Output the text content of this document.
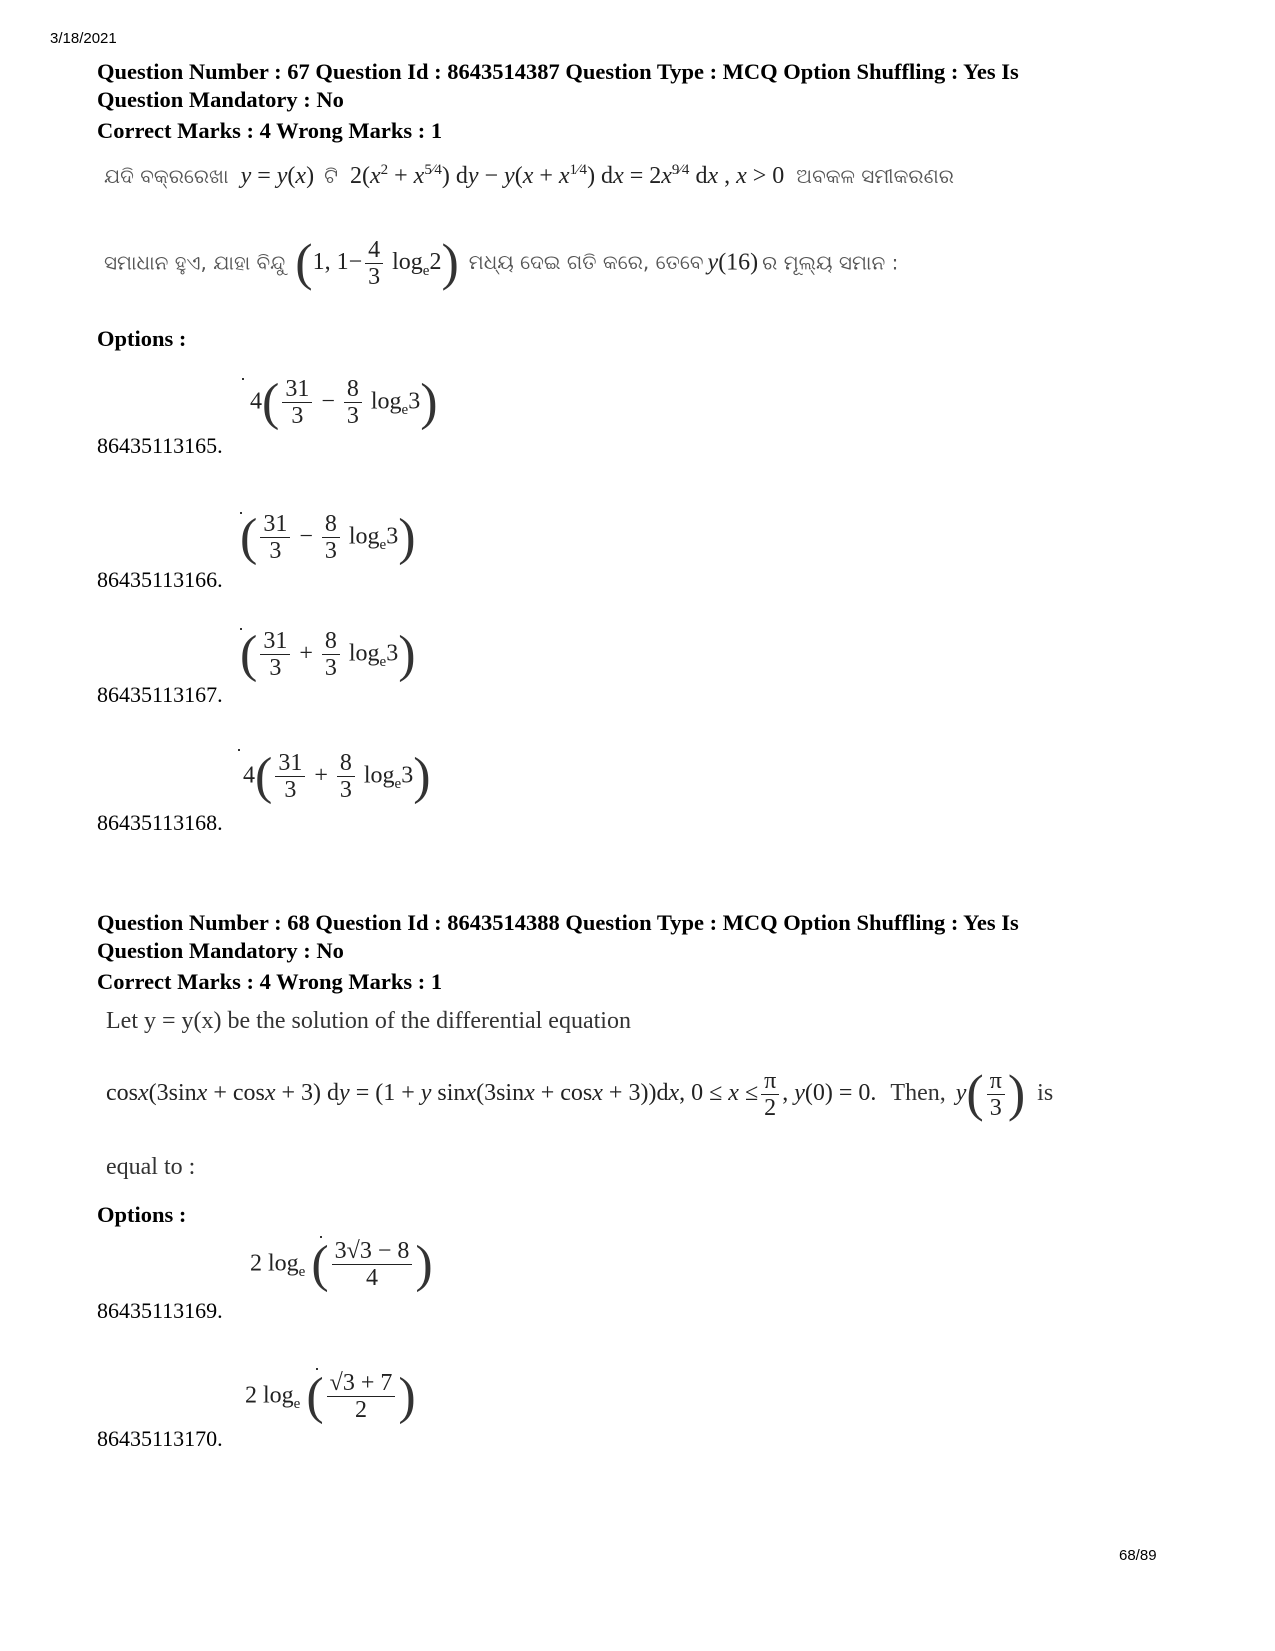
3/18/2021
68/89
Question Number : 67 Question Id : 8643514387 Question Type : MCQ Option Shuffling : Yes Is
Question Mandatory : No
Correct Marks : 4 Wrong Marks : 1
ଯଦି ବକ୍ରରେଖା y = y(x) ଟି $2(x^2 + x^{5⁄4})$ dy − $y(x + x^{1⁄4})$ dx = $2x^{9⁄4}$ dx , x > 0 ଅବକଳ ସମୀକରଣର
ସମାଧାନ ହୁଏ, ଯାହା ବିନ୍ଦୁ (1, $1- \frac{4}{3} \log_e2$) ମଧ୍ୟ ଦେଇ ଗତି କରେ, ତେବେ y(16) ର ମୂଲ୍ୟ ସମାନ :
Options :
86435113165.
$4( \frac{31}{3} - \frac{8}{3} \log_e3)$
86435113166.
( $\frac{31}{3} - \frac{8}{3} \log_e3$)
86435113167.
( $\frac{31}{3} + \frac{8}{3} \log_e3$)
86435113168.
$4( \frac{31}{3} + \frac{8}{3} \log_e3)$
Question Number : 68 Question Id : 8643514388 Question Type : MCQ Option Shuffling : Yes Is
Question Mandatory : No
Correct Marks : 4 Wrong Marks : 1
Let y = y(x) be the solution of the differential equation
cosx(3sinx + cosx + 3) dy = (1 + y sinx(3sinx + cosx + 3))dx, $0 \le x \le \frac{\pi}{2}$ , y(0) = 0. Then, $y( \frac{\pi}{3}$ ) is
equal to :
Options :
86435113169.
2 $\log_e$ ( $\frac{3√3 - 8}{4}$ )
86435113170.
2 $\log_e$ ( $\frac{√3 + 7}{2}$ )
